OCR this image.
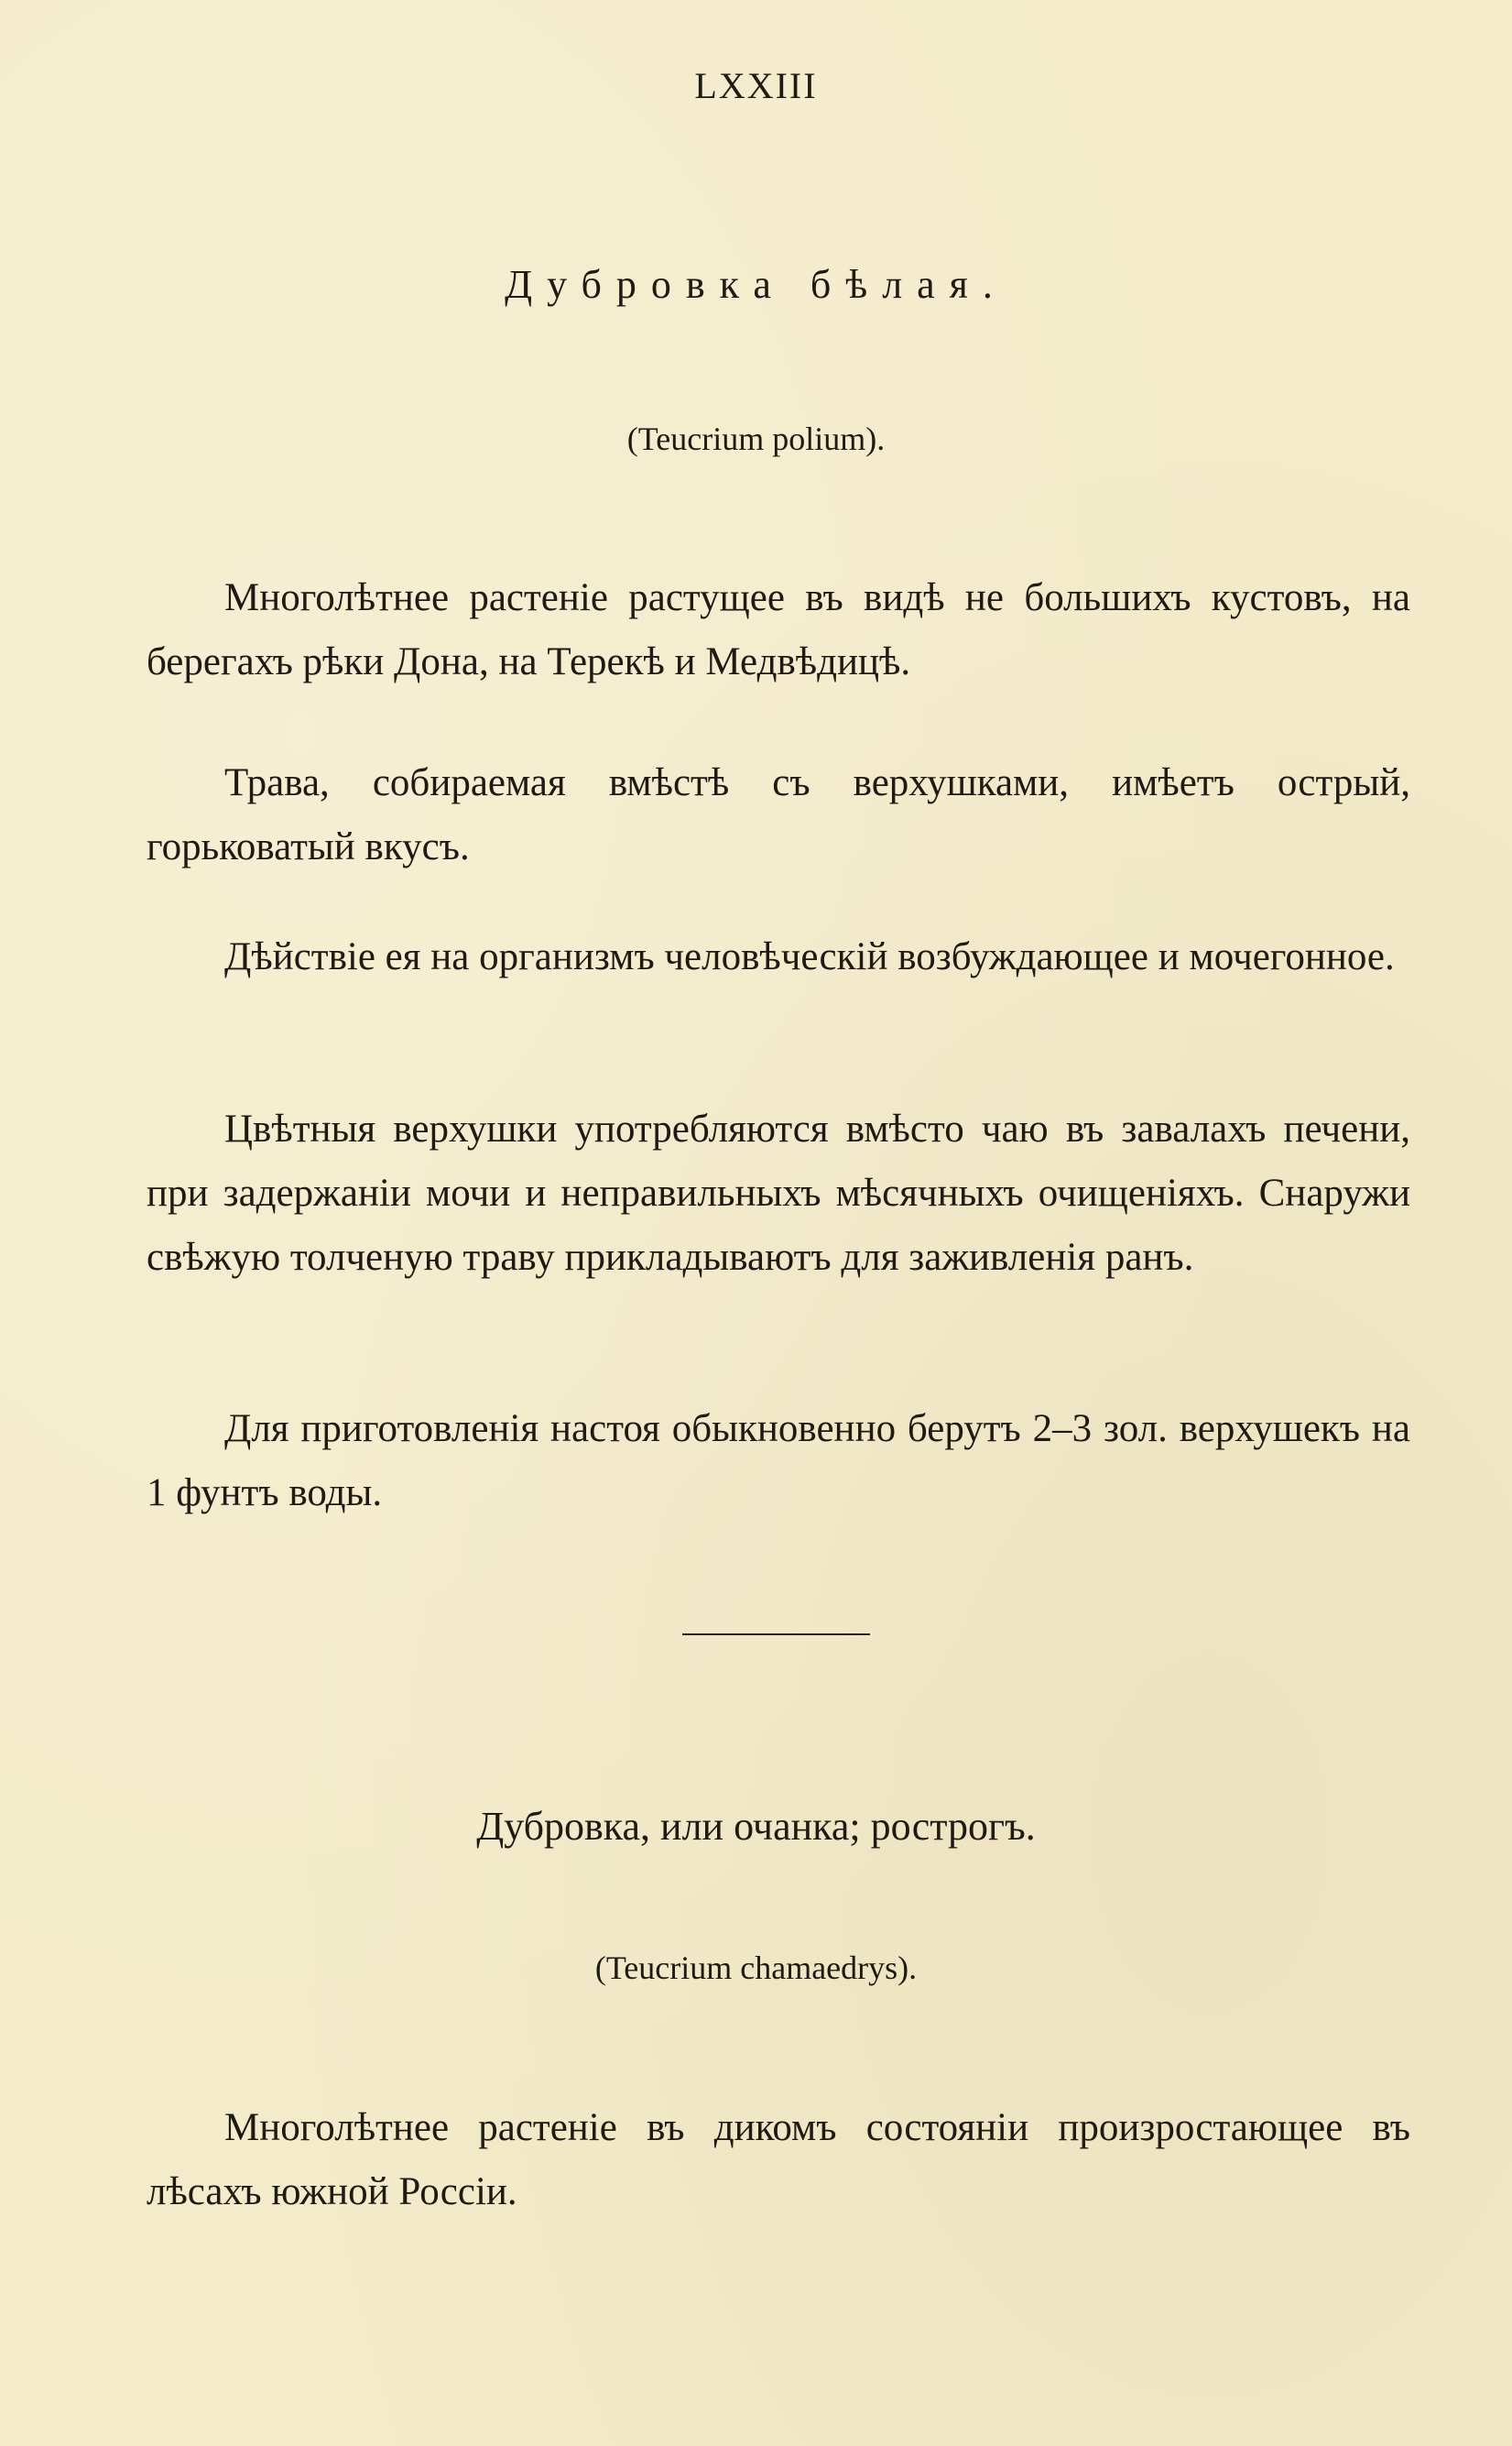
LXXIII
Дубровка бѣлая.
(Teucrium polium).

Многолѣтнее растенiе растущее въ видѣ не большихъ кустовъ, на берегахъ рѣки Дона, на Терекѣ и Медвѣдицѣ.

Трава, собираемая вмѣстѣ съ верхушками, имѣетъ острый, горьковатый вкусъ.

Дѣйствiе ея на организмъ человѣческiй возбуждающее и мочегонное.

Цвѣтныя верхушки употребляются вмѣсто чаю въ завалахъ печени, при задержанiи мочи и неправильныхъ мѣсячныхъ очищенiяхъ. Снаружи свѣжую толченую траву прикладываютъ для заживленiя ранъ.

Для приготовленiя настоя обыкновенно берутъ 2–3 зол. верхушекъ на 1 фунтъ воды.

Дубровка, или очанка; рострогъ.
(Teucrium chamaedrys).

Многолѣтнее растенiе въ дикомъ состоянiи произростающее въ лѣсахъ южной Россiи.
